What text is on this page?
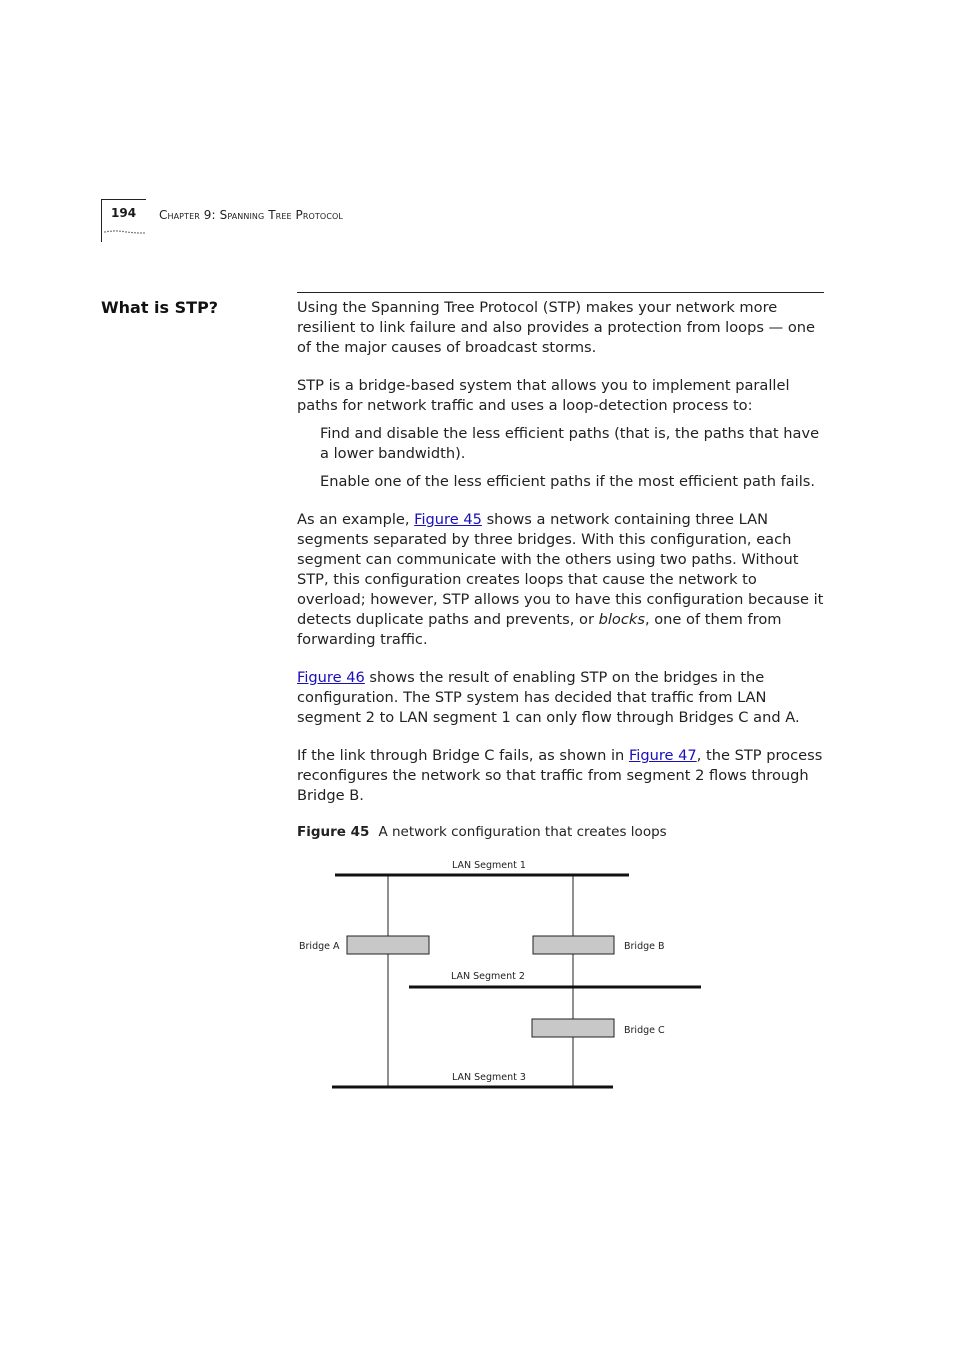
194 Chapter 9: Spanning Tree Protocol
What is STP?	Using the Spanning Tree Protocol (STP) makes your network more resilient to link failure and also provides a protection from loops — one of the major causes of broadcast storms.

STP is a bridge-based system that allows you to implement parallel paths for network traffic and uses a loop-detection process to:

Find and disable the less efficient paths (that is, the paths that have a lower bandwidth).
Enable one of the less efficient paths if the most efficient path fails.

As an example, Figure 45 shows a network containing three LAN segments separated by three bridges. With this configuration, each segment can communicate with the others using two paths. Without STP, this configuration creates loops that cause the network to overload; however, STP allows you to have this configuration because it detects duplicate paths and prevents, or blocks, one of them from forwarding traffic.

Figure 46 shows the result of enabling STP on the bridges in the configuration. The STP system has decided that traffic from LAN segment 2 to LAN segment 1 can only flow through Bridges C and A.

If the link through Bridge C fails, as shown in Figure 47, the STP process reconfigures the network so that traffic from segment 2 flows through Bridge B.

Figure 45 A network configuration that creates loops
LAN Segment 1
LAN Segment 2
LAN Segment 3
Bridge A	Bridge B
Bridge C
